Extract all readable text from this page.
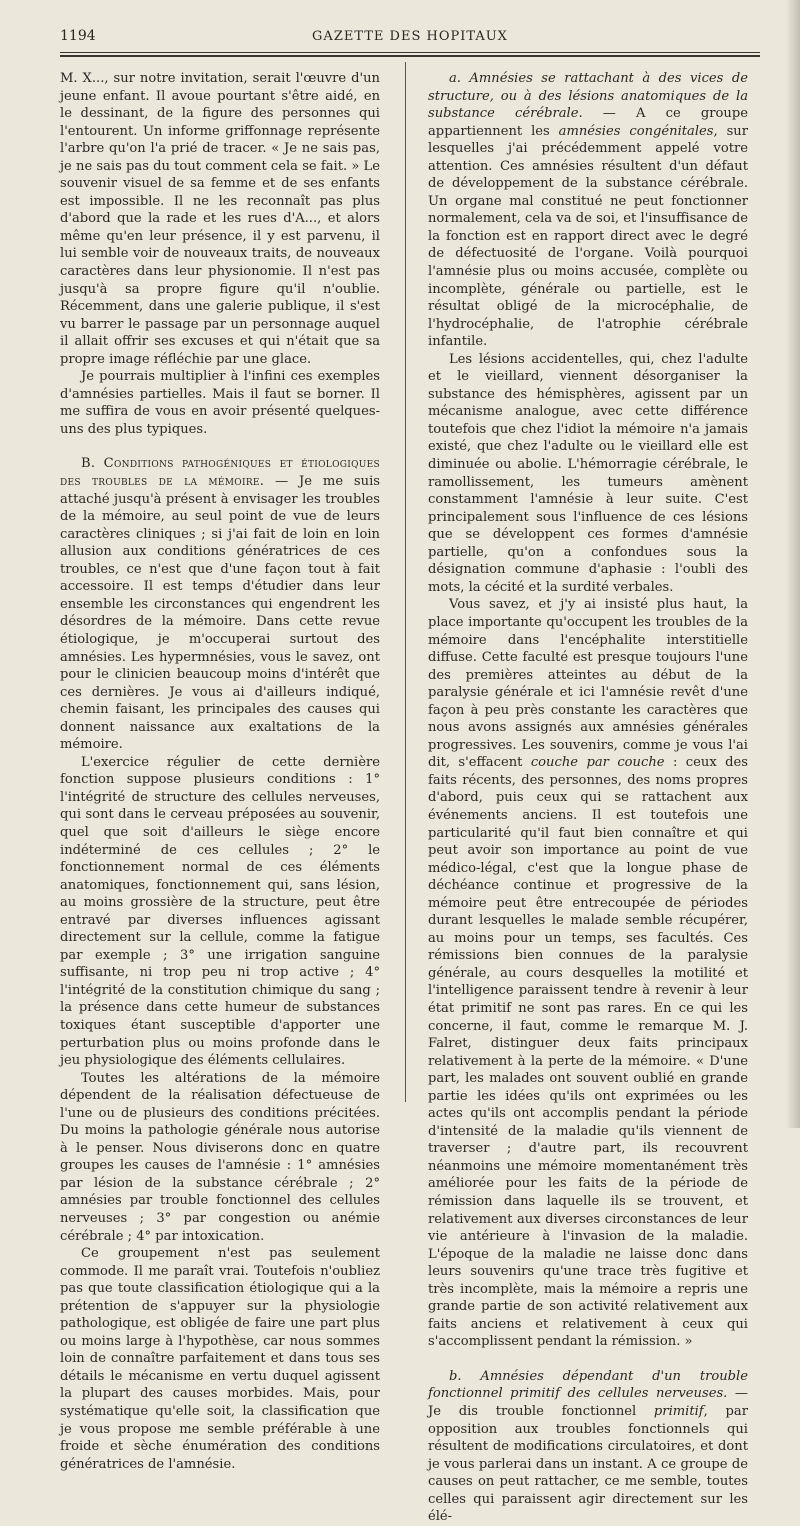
1194	GAZETTE DES HOPITAUX

M. X..., sur notre invitation, serait l'œuvre d'un jeune enfant. Il avoue pourtant s'être aidé, en le dessinant, de la figure des personnes qui l'entourent. Un informe griffonnage représente l'arbre qu'on l'a prié de tracer. « Je ne sais pas, je ne sais pas du tout comment cela se fait. » Le souvenir visuel de sa femme et de ses enfants est impossible. Il ne les reconnaît pas plus d'abord que la rade et les rues d'A..., et alors même qu'en leur présence, il y est parvenu, il lui semble voir de nouveaux traits, de nouveaux caractères dans leur physionomie. Il n'est pas jusqu'à sa propre figure qu'il n'oublie. Récemment, dans une galerie publique, il s'est vu barrer le passage par un personnage auquel il allait offrir ses excuses et qui n'était que sa propre image réfléchie par une glace.

Je pourrais multiplier à l'infini ces exemples d'amnésies partielles. Mais il faut se borner. Il me suffira de vous en avoir présenté quelques-uns des plus typiques.

B. Conditions pathogéniques et étiologiques des troubles de la mémoire. — Je me suis attaché jusqu'à présent à envisager les troubles de la mémoire, au seul point de vue de leurs caractères cliniques ; si j'ai fait de loin en loin allusion aux conditions génératrices de ces troubles, ce n'est que d'une façon tout à fait accessoire. Il est temps d'étudier dans leur ensemble les circonstances qui engendrent les désordres de la mémoire. Dans cette revue étiologique, je m'occuperai surtout des amnésies. Les hypermnésies, vous le savez, ont pour le clinicien beaucoup moins d'intérêt que ces dernières. Je vous ai d'ailleurs indiqué, chemin faisant, les principales des causes qui donnent naissance aux exaltations de la mémoire.

L'exercice régulier de cette dernière fonction suppose plusieurs conditions : 1° l'intégrité de structure des cellules nerveuses, qui sont dans le cerveau préposées au souvenir, quel que soit d'ailleurs le siège encore indéterminé de ces cellules ; 2° le fonctionnement normal de ces éléments anatomiques, fonctionnement qui, sans lésion, au moins grossière de la structure, peut être entravé par diverses influences agissant directement sur la cellule, comme la fatigue par exemple ; 3° une irrigation sanguine suffisante, ni trop peu ni trop active ; 4° l'intégrité de la constitution chimique du sang ; la présence dans cette humeur de substances toxiques étant susceptible d'apporter une perturbation plus ou moins profonde dans le jeu physiologique des éléments cellulaires.

Toutes les altérations de la mémoire dépendent de la réalisation défectueuse de l'une ou de plusieurs des conditions précitées. Du moins la pathologie générale nous autorise à le penser. Nous diviserons donc en quatre groupes les causes de l'amnésie : 1° amnésies par lésion de la substance cérébrale ; 2° amnésies par trouble fonctionnel des cellules nerveuses ; 3° par congestion ou anémie cérébrale ; 4° par intoxication.

Ce groupement n'est pas seulement commode. Il me paraît vrai. Toutefois n'oubliez pas que toute classification étiologique qui a la prétention de s'appuyer sur la physiologie pathologique, est obligée de faire une part plus ou moins large à l'hypothèse, car nous sommes loin de connaître parfaitement et dans tous ses détails le mécanisme en vertu duquel agissent la plupart des causes morbides. Mais, pour systématique qu'elle soit, la classification que je vous propose me semble préférable à une froide et sèche énumération des conditions génératrices de l'amnésie.

a. Amnésies se rattachant à des vices de structure, ou à des lésions anatomiques de la substance cérébrale. — A ce groupe appartiennent les amnésies congénitales, sur lesquelles j'ai précédemment appelé votre attention. Ces amnésies résultent d'un défaut de développement de la substance cérébrale. Un organe mal constitué ne peut fonctionner normalement, cela va de soi, et l'insuffisance de la fonction est en rapport direct avec le degré de défectuosité de l'organe. Voilà pourquoi l'amnésie plus ou moins accusée, complète ou incomplète, générale ou partielle, est le résultat obligé de la microcéphalie, de l'hydrocéphalie, de l'atrophie cérébrale infantile.

Les lésions accidentelles, qui, chez l'adulte et le vieillard, viennent désorganiser la substance des hémisphères, agissent par un mécanisme analogue, avec cette différence toutefois que chez l'idiot la mémoire n'a jamais existé, que chez l'adulte ou le vieillard elle est diminuée ou abolie. L'hémorragie cérébrale, le ramollissement, les tumeurs amènent constamment l'amnésie à leur suite. C'est principalement sous l'influence de ces lésions que se développent ces formes d'amnésie partielle, qu'on a confondues sous la désignation commune d'aphasie : l'oubli des mots, la cécité et la surdité verbales.

Vous savez, et j'y ai insisté plus haut, la place importante qu'occupent les troubles de la mémoire dans l'encéphalite interstitielle diffuse. Cette faculté est presque toujours l'une des premières atteintes au début de la paralysie générale et ici l'amnésie revêt d'une façon à peu près constante les caractères que nous avons assignés aux amnésies générales progressives. Les souvenirs, comme je vous l'ai dit, s'effacent couche par couche : ceux des faits récents, des personnes, des noms propres d'abord, puis ceux qui se rattachent aux événements anciens. Il est toutefois une particularité qu'il faut bien connaître et qui peut avoir son importance au point de vue médico-légal, c'est que la longue phase de déchéance continue et progressive de la mémoire peut être entrecoupée de périodes durant lesquelles le malade semble récupérer, au moins pour un temps, ses facultés. Ces rémissions bien connues de la paralysie générale, au cours desquelles la motilité et l'intelligence paraissent tendre à revenir à leur état primitif ne sont pas rares. En ce qui les concerne, il faut, comme le remarque M. J. Falret, distinguer deux faits principaux relativement à la perte de la mémoire. « D'une part, les malades ont souvent oublié en grande partie les idées qu'ils ont exprimées ou les actes qu'ils ont accomplis pendant la période d'intensité de la maladie qu'ils viennent de traverser ; d'autre part, ils recouvrent néanmoins une mémoire momentanément très améliorée pour les faits de la période de rémission dans laquelle ils se trouvent, et relativement aux diverses circonstances de leur vie antérieure à l'invasion de la maladie. L'époque de la maladie ne laisse donc dans leurs souvenirs qu'une trace très fugitive et très incomplète, mais la mémoire a repris une grande partie de son activité relativement aux faits anciens et relativement à ceux qui s'accomplissent pendant la rémission. »

b. Amnésies dépendant d'un trouble fonctionnel primitif des cellules nerveuses. — Je dis trouble fonctionnel primitif, par opposition aux troubles fonctionnels qui résultent de modifications circulatoires, et dont je vous parlerai dans un instant. A ce groupe de causes on peut rattacher, ce me semble, toutes celles qui paraissent agir directement sur les élé-
